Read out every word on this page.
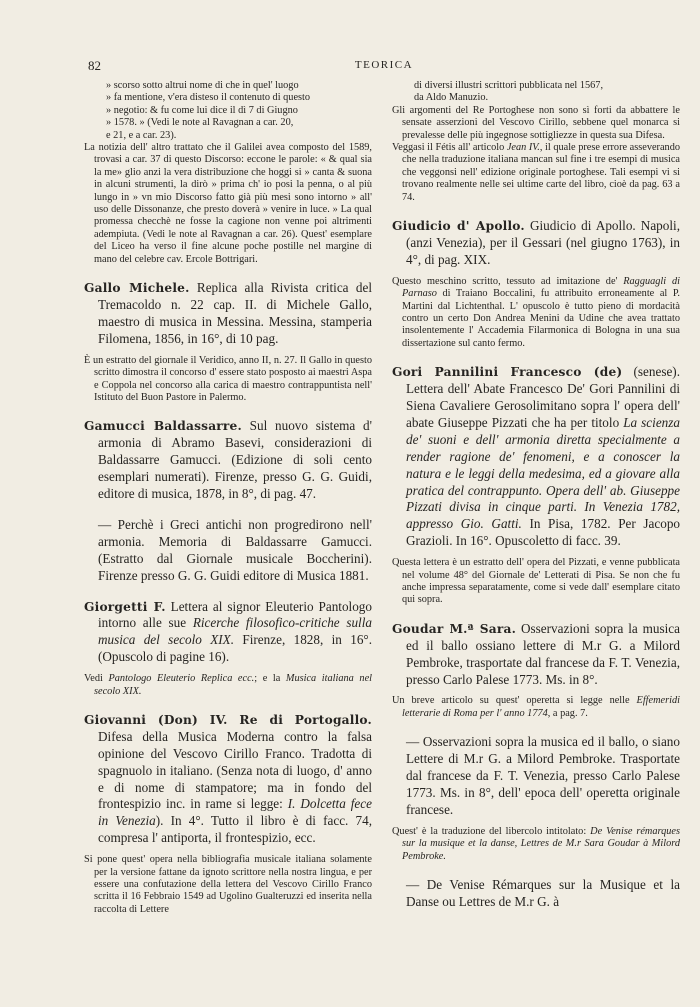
82	TEORICA

» scorso sotto altrui nome di che in quel' luogo

» fa mentione, v'era disteso il contenuto di questo

» negotio: & fu come lui dice il dì 7 di Giugno

» 1578. » (Vedi le note al Ravagnan a car. 20,

e 21, e a car. 23).

La notizia dell' altro trattato che il Galilei avea composto del 1589, trovasi a car. 37 di questo Discorso: eccone le parole: « & qual sia la me» glio anzi la vera distribuzione che hoggi si » canta & suona in alcuni strumenti, la dirò » prima ch' io posi la penna, o al più lungo in » vn mio Discorso fatto già più mesi sono intorno » all' uso delle Dissonanze, che presto doverà » venire in luce. » La qual promessa checchè ne fosse la cagione non venne poi altrimenti adempiuta. (Vedi le note al Ravagnan a car. 26). Quest' esemplare del Liceo ha verso il fine alcune poche postille nel margine di mano del celebre cav. Ercole Bottrigari.

Gallo Michele. Replica alla Rivista critica del Tremacoldo n. 22 cap. II. di Michele Gallo, maestro di musica in Messina. Messina, stamperia Filomena, 1856, in 16°, di 10 pag.

È un estratto del giornale il Veridico, anno II, n. 27. Il Gallo in questo scritto dimostra il concorso d' essere stato posposto ai maestri Aspa e Coppola nel concorso alla carica di maestro contrappuntista nell' Istituto del Buon Pastore in Palermo.

Gamucci Baldassarre. Sul nuovo sistema d' armonia di Abramo Basevi, considerazioni di Baldassarre Gamucci. (Edizione di soli cento esemplari numerati). Firenze, presso G. G. Guidi, editore di musica, 1878, in 8°, di pag. 47.

— Perchè i Greci antichi non progredirono nell' armonia. Memoria di Baldassarre Gamucci. (Estratto dal Giornale musicale Boccherini). Firenze presso G. G. Guidi editore di Musica 1881.

Giorgetti F. Lettera al signor Eleuterio Pantologo intorno alle sue Ricerche filosofico-critiche sulla musica del secolo XIX. Firenze, 1828, in 16°. (Opuscolo di pagine 16).

Vedi Pantologo Eleuterio Replica ecc.; e la Musica italiana nel secolo XIX.

Giovanni (Don) IV. Re di Portogallo. Difesa della Musica Moderna contro la falsa opinione del Vescovo Cirillo Franco. Tradotta di spagnuolo in italiano. (Senza nota di luogo, d' anno e di nome di stampatore; ma in fondo del frontespizio inc. in rame si legge: I. Dolcetta fece in Venezia). In 4°. Tutto il libro è di facc. 74, compresa l' antiporta, il frontespizio, ecc.

Si pone quest' opera nella bibliografia musicale italiana solamente per la versione fattane da ignoto scrittore nella nostra lingua, e per essere una confutazione della lettera del Vescovo Cirillo Franco scritta il 16 Febbraio 1549 ad Ugolino Gualteruzzi ed inserita nella raccolta di Lettere

di diversi illustri scrittori pubblicata nel 1567,

da Aldo Manuzio.

Gli argomenti del Re Portoghese non sono sì forti da abbattere le sensate asserzioni del Vescovo Cirillo, sebbene quel monarca si prevalesse delle più ingegnose sottigliezze in questa sua Difesa.

Veggasi il Fétis all' articolo Jean IV., il quale prese errore asseverando che nella traduzione italiana mancan sul fine i tre esempi di musica che veggonsi nell' edizione originale portoghese. Tali esempi vi si trovano realmente nelle sei ultime carte del libro, cioè da pag. 63 a 74.

Giudicio d' Apollo. Giudicio di Apollo. Napoli, (anzi Venezia), per il Gessari (nel giugno 1763), in 4°, di pag. XIX.

Questo meschino scritto, tessuto ad imitazione de' Ragguagli di Parnaso di Traiano Boccalini, fu attribuito erroneamente al P. Martini dal Lichtenthal. L' opuscolo è tutto pieno di mordacità contro un certo Don Andrea Menini da Udine che avea trattato insolentemente l' Accademia Filarmonica di Bologna in una sua dissertazione sul canto fermo.

Gori Pannilini Francesco (de) (senese). Lettera dell' Abate Francesco De' Gori Pannilini di Siena Cavaliere Gerosolimitano sopra l' opera dell' abate Giuseppe Pizzati che ha per titolo La scienza de' suoni e dell' armonia diretta specialmente a render ragione de' fenomeni, e a conoscer la natura e le leggi della medesima, ed a giovare alla pratica del contrappunto. Opera dell' ab. Giuseppe Pizzati divisa in cinque parti. In Venezia 1782, appresso Gio. Gatti. In Pisa, 1782. Per Jacopo Grazioli. In 16°. Opuscoletto di facc. 39.

Questa lettera è un estratto dell' opera del Pizzati, e venne pubblicata nel volume 48° del Giornale de' Letterati di Pisa. Se non che fu anche impressa separatamente, come si vede dall' esemplare citato qui sopra.

Goudar M.ª Sara. Osservazioni sopra la musica ed il ballo ossiano lettere di M.r G. a Milord Pembroke, trasportate dal francese da F. T. Venezia, presso Carlo Palese 1773. Ms. in 8°.

Un breve articolo su quest' operetta si legge nelle Effemeridi letterarie di Roma per l' anno 1774, a pag. 7.

— Osservazioni sopra la musica ed il ballo, o siano Lettere di M.r G. a Milord Pembroke. Trasportate dal francese da F. T. Venezia, presso Carlo Palese 1773. Ms. in 8°, dell' epoca dell' operetta originale francese.

Quest' è la traduzione del libercolo intitolato: De Venise rémarques sur la musique et la danse, Lettres de M.r Sara Goudar à Milord Pembroke.

— De Venise Rémarques sur la Musique et la Danse ou Lettres de M.r G. à
